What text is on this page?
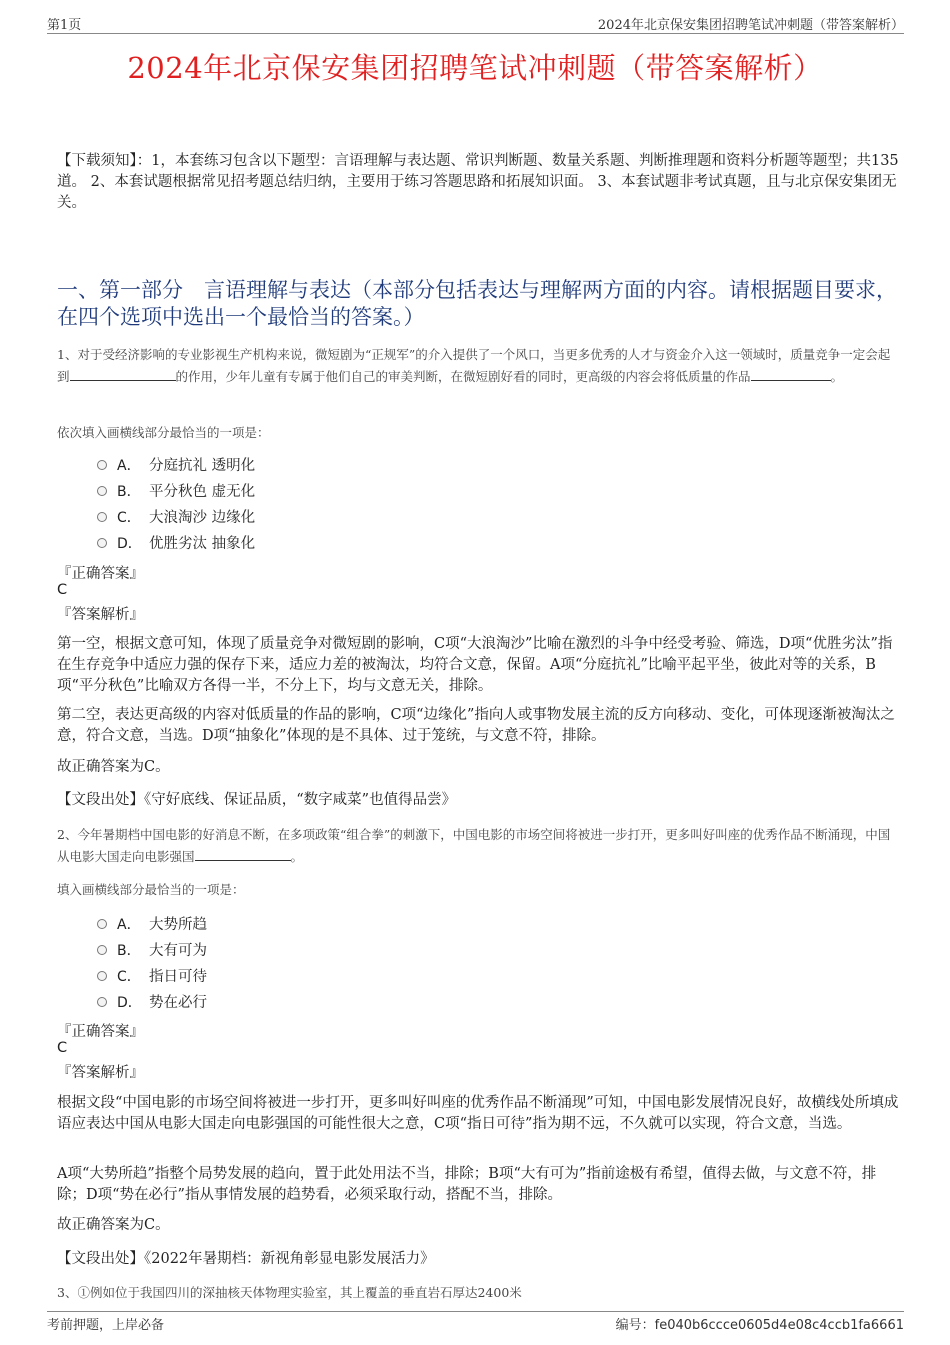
第1页	2024年北京保安集团招聘笔试冲刺题（带答案解析）
2024年北京保安集团招聘笔试冲刺题（带答案解析）
【下载须知】：1，本套练习包含以下题型：言语理解与表达题、常识判断题、数量关系题、判断推理题和资料分析题等题型；共135道。 2、本套试题根据常见招考题总结归纳，主要用于练习答题思路和拓展知识面。 3、本套试题非考试真题，且与北京保安集团无关。
一、第一部分　言语理解与表达（本部分包括表达与理解两方面的内容。请根据题目要求，在四个选项中选出一个最恰当的答案。）
1、对于受经济影响的专业影视生产机构来说，微短剧为“正规军”的介入提供了一个风口，当更多优秀的人才与资金介入这一领域时，质量竞争一定会起到	的作用，少年儿童有专属于他们自己的审美判断，在微短剧好看的同时，更高级的内容会将低质量的作品	。
依次填入画横线部分最恰当的一项是：
A． 分庭抗礼 透明化
B． 平分秋色 虚无化
C． 大浪淘沙 边缘化
D． 优胜劣汰 抽象化
『正确答案』
C
『答案解析』
第一空，根据文意可知，体现了质量竞争对微短剧的影响，C项“大浪淘沙”比喻在激烈的斗争中经受考验、筛选，D项“优胜劣汰”指在生存竞争中适应力强的保存下来，适应力差的被淘汰，均符合文意，保留。A项“分庭抗礼”比喻平起平坐，彼此对等的关系，B项“平分秋色”比喻双方各得一半，不分上下，均与文意无关，排除。
第二空，表达更高级的内容对低质量的作品的影响，C项“边缘化”指向人或事物发展主流的反方向移动、变化，可体现逐渐被淘汰之意，符合文意，当选。D项“抽象化”体现的是不具体、过于笼统，与文意不符，排除。
故正确答案为C。
【文段出处】《守好底线、保证品质，“数字咸菜”也值得品尝》
2、今年暑期档中国电影的好消息不断，在多项政策“组合拳”的刺激下，中国电影的市场空间将被进一步打开，更多叫好叫座的优秀作品不断涌现，中国从电影大国走向电影强国	。
填入画横线部分最恰当的一项是：
A． 大势所趋
B． 大有可为
C． 指日可待
D． 势在必行
『正确答案』
C
『答案解析』
根据文段“中国电影的市场空间将被进一步打开，更多叫好叫座的优秀作品不断涌现”可知，中国电影发展情况良好，故横线处所填成语应表达中国从电影大国走向电影强国的可能性很大之意，C项“指日可待”指为期不远，不久就可以实现，符合文意，当选。
A项“大势所趋”指整个局势发展的趋向，置于此处用法不当，排除；B项“大有可为”指前途极有希望，值得去做，与文意不符，排除；D项“势在必行”指从事情发展的趋势看，必须采取行动，搭配不当，排除。
故正确答案为C。
【文段出处】《2022年暑期档：新视角彰显电影发展活力》
3、①例如位于我国四川的深抽核天体物理实验室，其上覆盖的垂直岩石厚达2400米
考前押题，上岸必备	编号：fe040b6ccce0605d4e08c4ccb1fa6661
